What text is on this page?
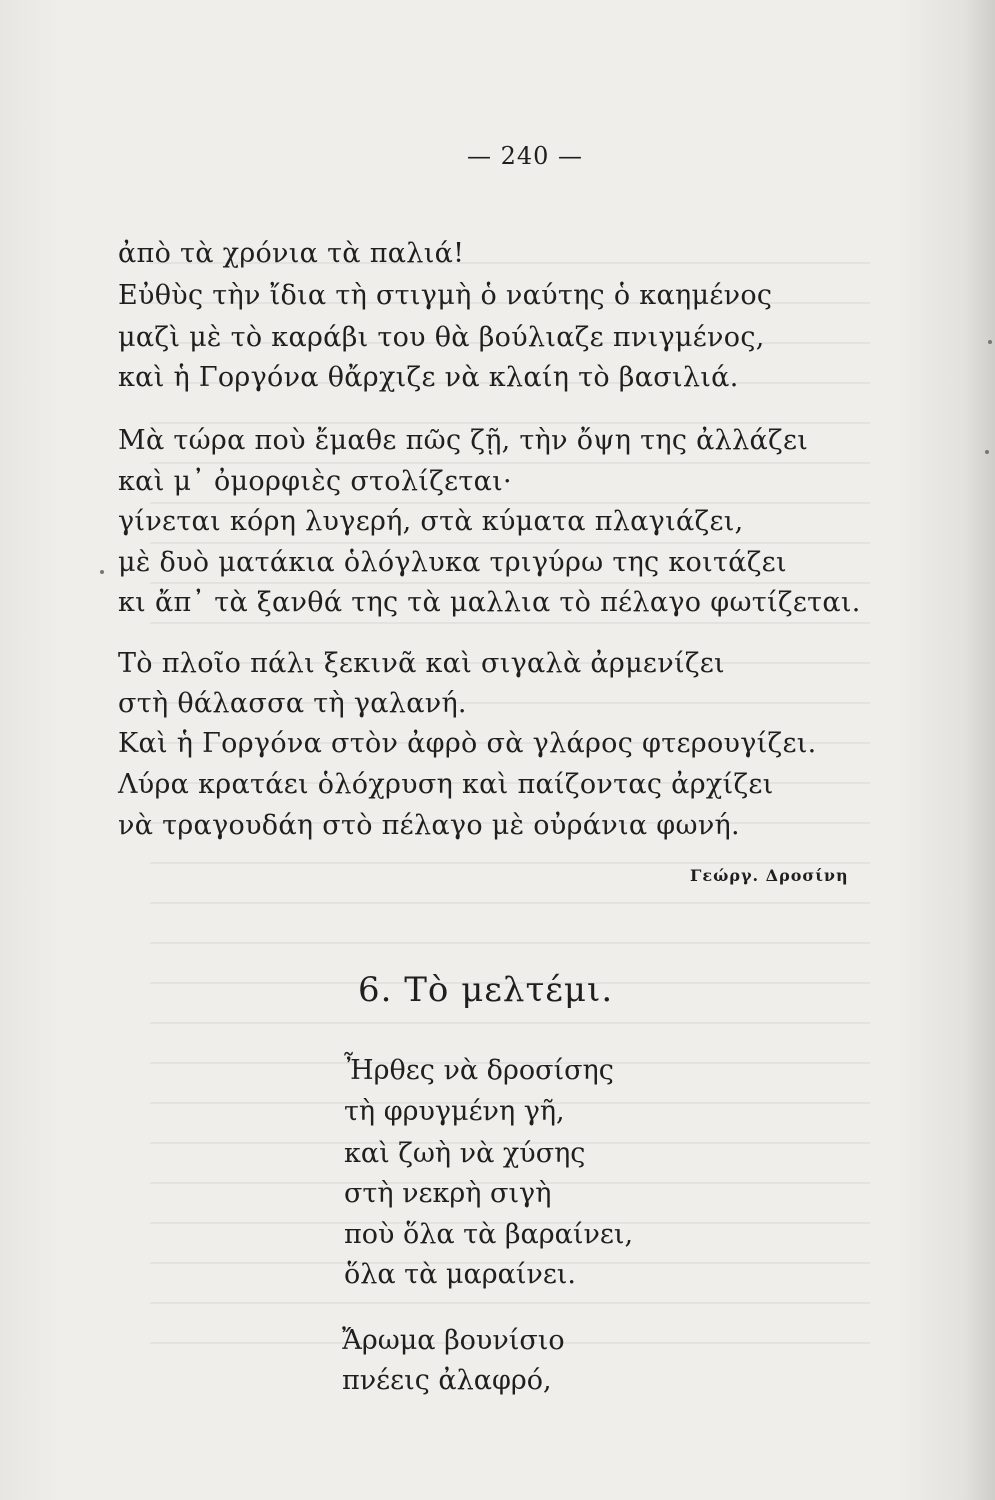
— 240 —
ἀπὸ τὰ χρόνια τὰ παλιά!
Εὐθὺς τὴν ἴδια τὴ στιγμὴ ὁ ναύτης ὁ καημένος
μαζὶ μὲ τὸ καράβι του θὰ βούλιαζε πνιγμένος,
καὶ ἡ Γοργόνα θἄρχιζε νὰ κλαίη τὸ βασιλιά.
Μὰ τώρα ποὺ ἔμαθε πῶς ζῇ, τὴν ὄψη της ἀλλάζει
καὶ μ᾽ ὀμορφιὲς στολίζεται·
γίνεται κόρη λυγερή, στὰ κύματα πλαγιάζει,
μὲ δυὸ ματάκια ὁλόγλυκα τριγύρω της κοιτάζει
κι ἄπ᾽ τὰ ξανθά της τὰ μαλλια τὸ πέλαγο φωτίζεται.
Τὸ πλοῖο πάλι ξεκινᾶ καὶ σιγαλὰ ἀρμενίζει
στὴ θάλασσα τὴ γαλανή.
Καὶ ἡ Γοργόνα στὸν ἀφρὸ σὰ γλάρος φτερουγίζει.
Λύρα κρατάει ὁλόχρυση καὶ παίζοντας ἀρχίζει
νὰ τραγουδάη στὸ πέλαγο μὲ οὐράνια φωνή.
Γεώργ. Δροσίνη
6. Τὸ μελτέμι.
Ἦρθες νὰ δροσίσης
τὴ φρυγμένη γῆ,
καὶ ζωὴ νὰ χύσης
στὴ νεκρὴ σιγὴ
ποὺ ὅλα τὰ βαραίνει,
ὅλα τὰ μαραίνει.
Ἄρωμα βουνίσιο
πνέεις ἀλαφρό,
